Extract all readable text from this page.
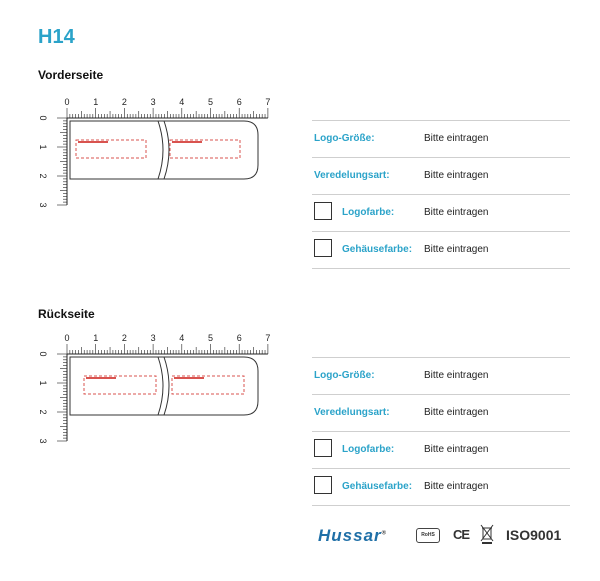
H14
Vorderseite
0	1	2	3	4	5	6	7
0
1
2
3
Logo-Größe:	Bitte eintragen
Veredelungsart:	Bitte eintragen
Logofarbe:	Bitte eintragen
Gehäusefarbe: Bitte eintragen
Rückseite
0	1	2	3	4	5	6	7
0
1
2
3
Logo-Größe:	Bitte eintragen
Veredelungsart:	Bitte eintragen
Logofarbe:	Bitte eintragen
Gehäusefarbe: Bitte eintragen
Hussar®	RoHS	CE	ISO9001
